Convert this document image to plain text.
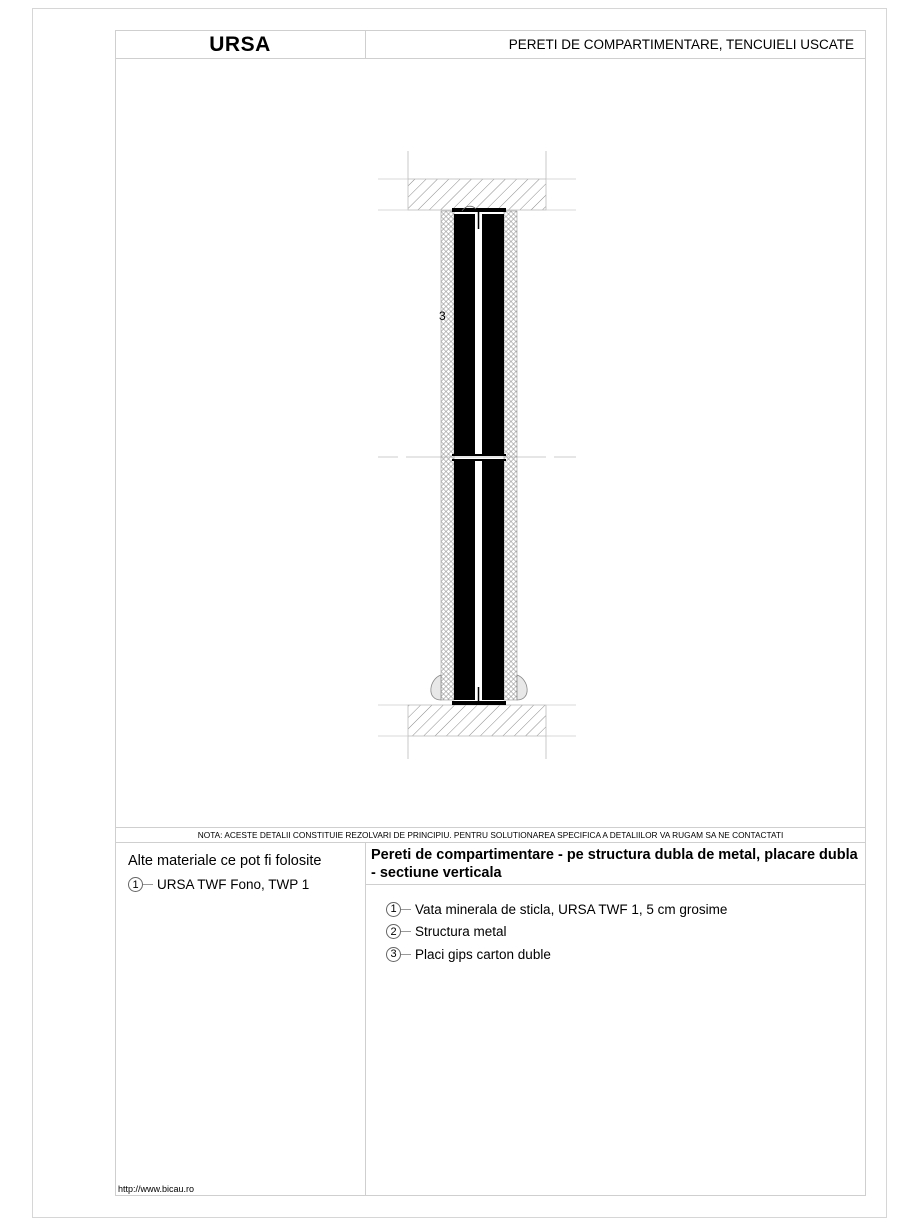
URSA	PERETI DE COMPARTIMENTARE, TENCUIELI USCATE
3
NOTA: ACESTE DETALII CONSTITUIE REZOLVARI DE PRINCIPIU. PENTRU SOLUTIONAREA SPECIFICA A DETALIILOR VA RUGAM SA NE CONTACTATI
Alte materiale ce pot fi folosite
1	URSA TWF Fono, TWP 1
Pereti de compartimentare - pe structura dubla de metal, placare dubla - sectiune verticala
1	Vata minerala de sticla, URSA TWF 1, 5 cm grosime
2	Structura metal
3	Placi gips carton duble
http://www.bicau.ro
